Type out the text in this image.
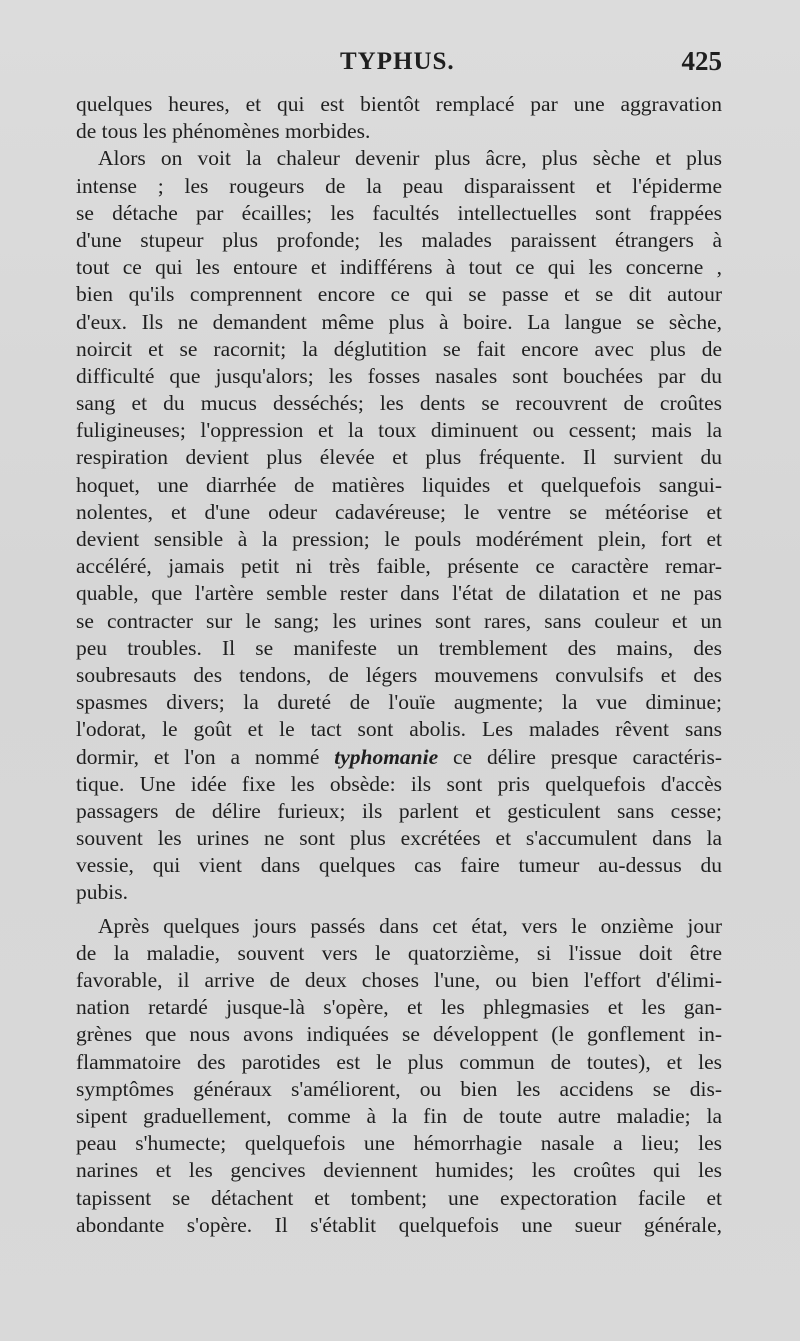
TYPHUS.	425
quelques heures, et qui est bientôt remplacé par une aggravation
de tous les phénomènes morbides.
Alors on voit la chaleur devenir plus âcre, plus sèche et plus
intense ; les rougeurs de la peau disparaissent et l'épiderme
se détache par écailles; les facultés intellectuelles sont frappées
d'une stupeur plus profonde; les malades paraissent étrangers à
tout ce qui les entoure et indifférens à tout ce qui les concerne ,
bien qu'ils comprennent encore ce qui se passe et se dit autour
d'eux. Ils ne demandent même plus à boire. La langue se sèche,
noircit et se racornit; la déglutition se fait encore avec plus de
difficulté que jusqu'alors; les fosses nasales sont bouchées par du
sang et du mucus desséchés; les dents se recouvrent de croûtes
fuligineuses; l'oppression et la toux diminuent ou cessent; mais la
respiration devient plus élevée et plus fréquente. Il survient du
hoquet, une diarrhée de matières liquides et quelquefois sangui-
nolentes, et d'une odeur cadavéreuse; le ventre se météorise et
devient sensible à la pression; le pouls modérément plein, fort et
accéléré, jamais petit ni très faible, présente ce caractère remar-
quable, que l'artère semble rester dans l'état de dilatation et ne pas
se contracter sur le sang; les urines sont rares, sans couleur et un
peu troubles. Il se manifeste un tremblement des mains, des
soubresauts des tendons, de légers mouvemens convulsifs et des
spasmes divers; la dureté de l'ouïe augmente; la vue diminue;
l'odorat, le goût et le tact sont abolis. Les malades rêvent sans
dormir, et l'on a nommé typhomanie ce délire presque caractéris-
tique. Une idée fixe les obsède: ils sont pris quelquefois d'accès
passagers de délire furieux; ils parlent et gesticulent sans cesse;
souvent les urines ne sont plus excrétées et s'accumulent dans la
vessie, qui vient dans quelques cas faire tumeur au-dessus du
pubis.
Après quelques jours passés dans cet état, vers le onzième jour
de la maladie, souvent vers le quatorzième, si l'issue doit être
favorable, il arrive de deux choses l'une, ou bien l'effort d'élimi-
nation retardé jusque-là s'opère, et les phlegmasies et les gan-
grènes que nous avons indiquées se développent (le gonflement in-
flammatoire des parotides est le plus commun de toutes), et les
symptômes généraux s'améliorent, ou bien les accidens se dis-
sipent graduellement, comme à la fin de toute autre maladie; la
peau s'humecte; quelquefois une hémorrhagie nasale a lieu; les
narines et les gencives deviennent humides; les croûtes qui les
tapissent se détachent et tombent; une expectoration facile et
abondante s'opère. Il s'établit quelquefois une sueur générale,
